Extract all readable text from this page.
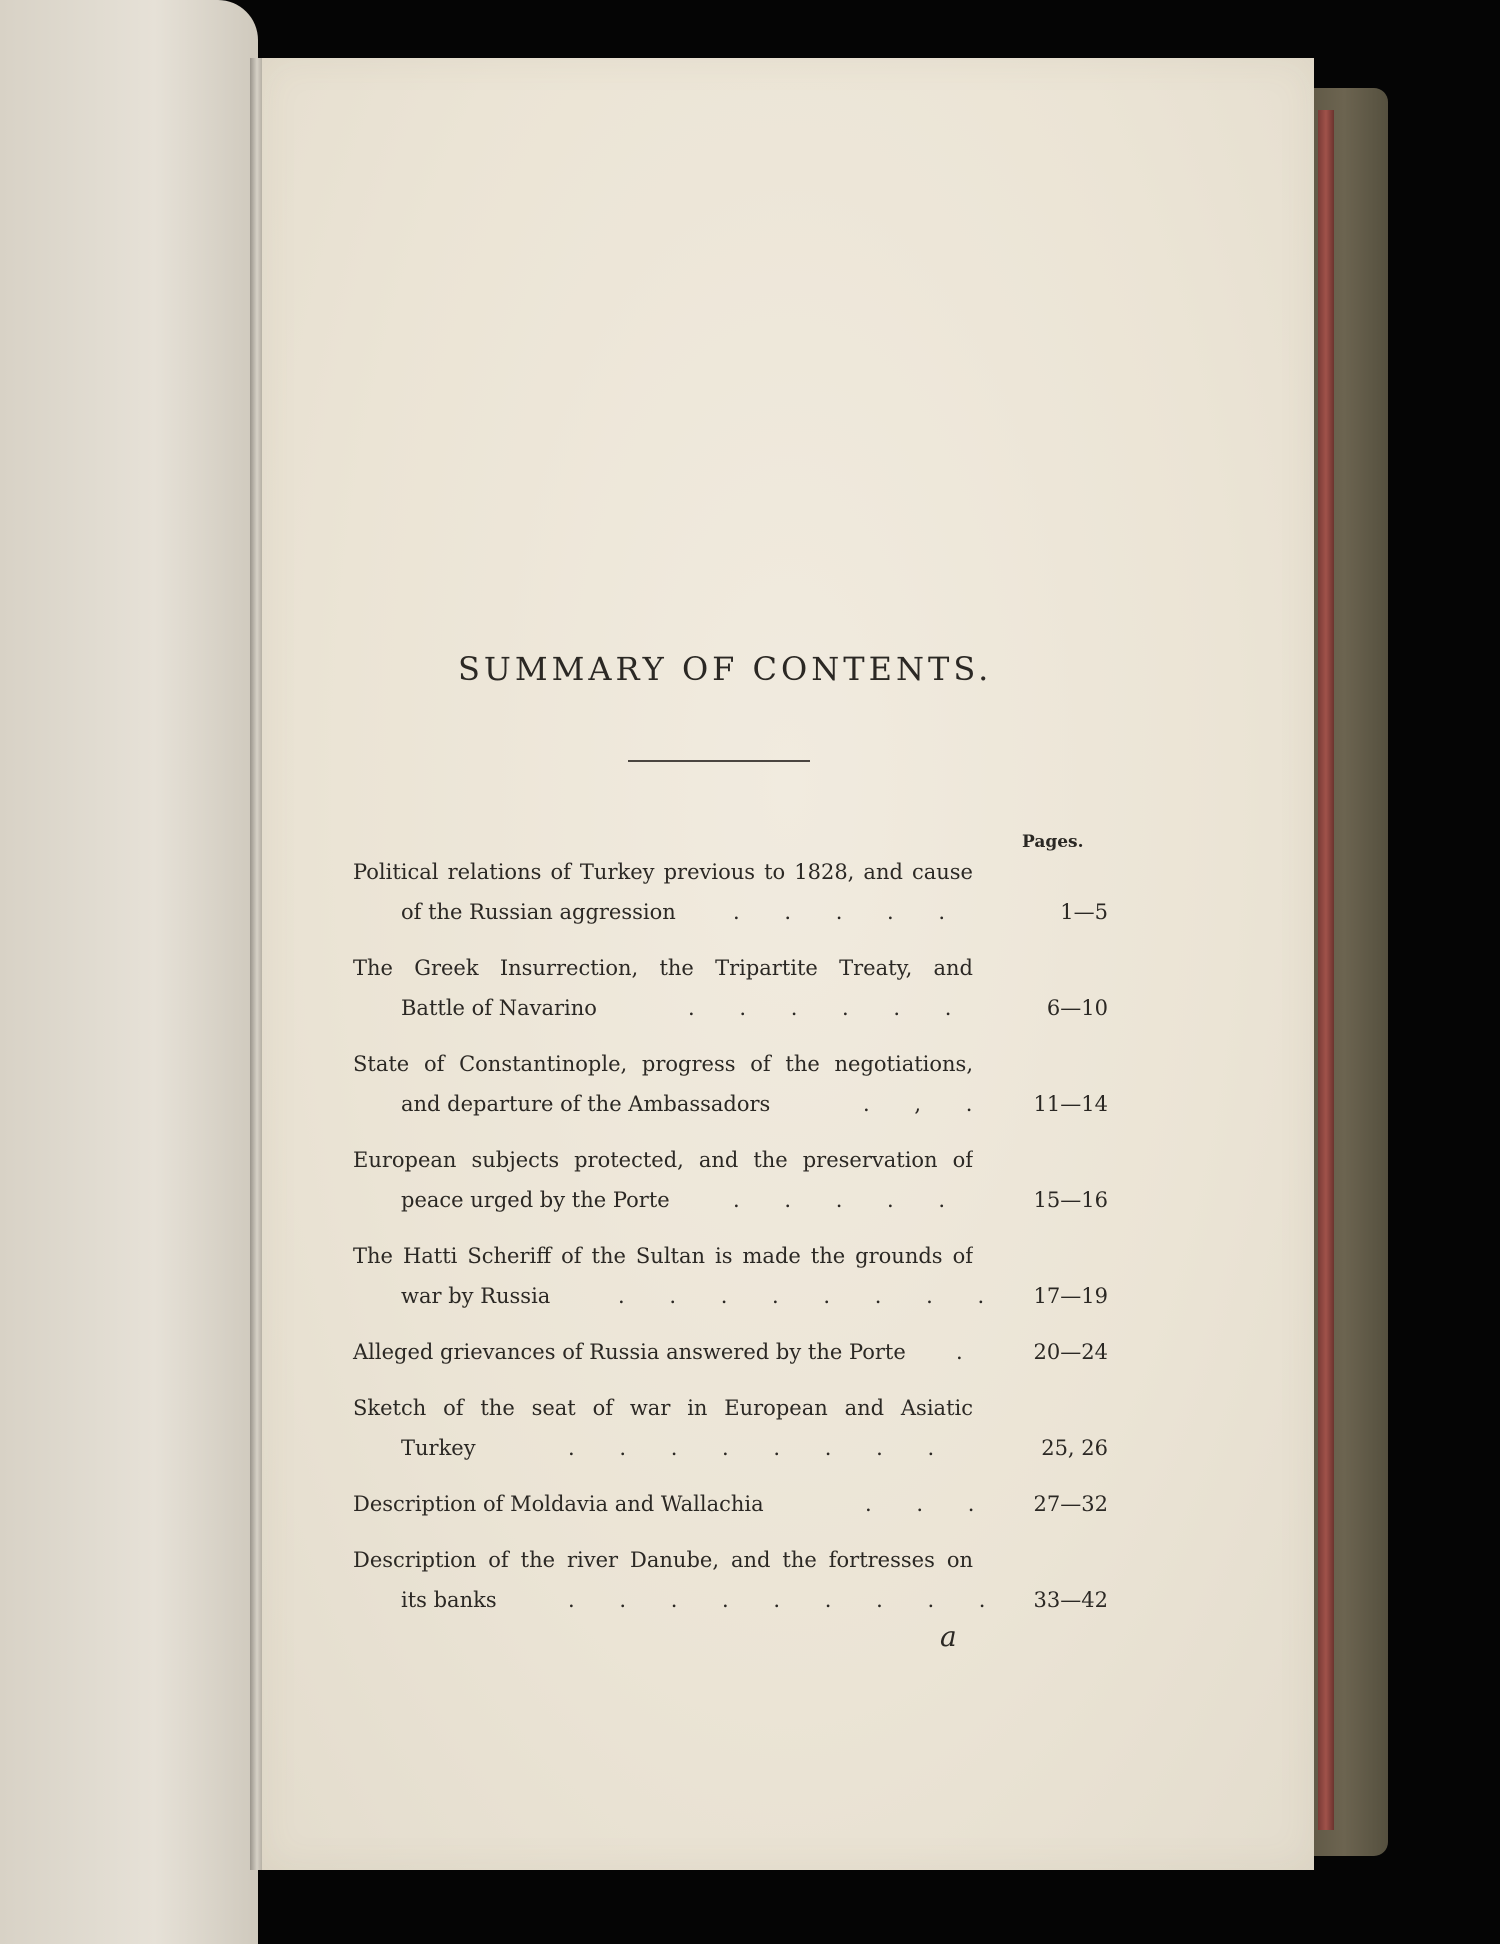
SUMMARY OF CONTENTS.
Pages.
Political relations of Turkey previous to 1828, and cause
of the Russian aggression	. . . . .	1—5
The Greek Insurrection, the Tripartite Treaty, and
Battle of Navarino	. . . . . .	6—10
State of Constantinople, progress of the negotiations,
and departure of the Ambassadors	. , .	11—14
European subjects protected, and the preservation of
peace urged by the Porte	. . . . .	15—16
The Hatti Scheriff of the Sultan is made the grounds of
war by Russia	. . . . . . . .	17—19
Alleged grievances of Russia answered by the Porte .	20—24
Sketch of the seat of war in European and Asiatic
Turkey	. . . . . . . .	25, 26
Description of Moldavia and Wallachia	. . .	27—32
Description of the river Danube, and the fortresses on
its banks	. . . . . . . . .	33—42
a
